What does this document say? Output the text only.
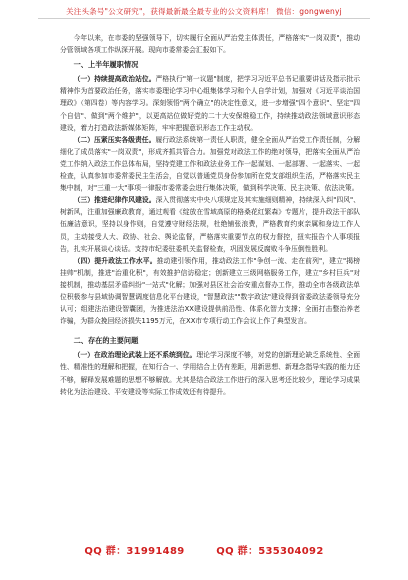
关注头条号"公文研究"，获得最新最全最专业的公文资料库！ 微信：gongwenyj

今年以来，在市委的坚强领导下，切实履行全面从严治党主体责任，严格落实"一岗双责"，推动分管领域各项工作纵深开展。现向市委常委会汇报如下。

一、上半年履职情况

（一）持续提高政治站位。严格执行"第一议题"制度，把学习习近平总书记重要讲话及指示批示精神作为首要政治任务，落实市委理论学习中心组集体学习和个人自学计划，加强对《习近平谈治国理政》（第四卷）等内容学习。深刻领悟"两个确立"的决定性意义，进一步增强"四个意识"、坚定"四个自信"、做到"两个维护"，以更高站位做好党的二十大安保维稳工作，持续推动政法领域意识形态建设，着力打造政法新媒体矩阵，牢牢把握意识形态工作主动权。

（二）压紧压实各级责任。履行政法系统第一责任人职责，健全全面从严治党工作责任制，分解细化了成员落实"一岗双责"，形成齐抓共管合力。加强党对政法工作的绝对领导，把落实全面从严治党工作纳入政法工作总体布局，坚持党建工作和政法业务工作一起谋划、一起部署、一起落实、一起检查，认真参加市委常委民主生活会，自觉以普通党员身份参加所在党支部组织生活，严格落实民主集中制，对"三重一大"事项一律报市委常委会进行集体决策，做到科学决策、民主决策、依法决策。

（三）推进纪律作风建设。深入贯彻落实中央八项规定及其实施细则精神，持续深入纠"四风"、树新风，注重加强廉政教育，通过观看《绽放在雪域高原的格桑花红繁森》专题片，提升政法干部队伍廉洁意识，坚持以身作则，自觉遵守财经法规，杜绝铺张浪费，严格教育约束亲属和身边工作人员，主动接受人大、政协、社会、舆论监督，严格落实重要节点的权力督控，扭实报告个人事项报告，扎实开展谈心谈话。支持市纪委驻委机关监督检查，巩固发展反腐败斗争压倒性胜利。

（四）提升政法工作水平。推动建引领作用，推动政法工作"争创一流、走在前列"，建立"揭榜挂帅"机制，推进"治重化积"，有效推护信访稳定；创新建立三级网格服务工作，建立"乡村巨兵"对接机制，推动基层矛盾纠纷"一站式"化解；加强对县区社会治安重点督办工作，推动全市各级政法单位积极参与县域协调智慧调度信息化平台建设，"智慧政法""数字政法"建设得到省委政法委领导充分认可；组建法治建设智囊团，为推进法治XX建设提供前沿性、体系化智力支撑；全面打击整治养老诈骗，为群众挽回经济损失1195万元，在XX市专项行动工作会议上作了典型发言。

二、存在的主要问题

（一）在政治理论武装上还不系统到位。理论学习深度不够，对党的创新理论缺乏系统性、全面性、精准性的理解和把握，在知行合一、学用结合上仍有差距，用新思想、新理念指导实践的能力还不够，解释发展难题的思想不够解放。尤其是结合政法工作进行的深入思考还比较少，理论学习成果转化为法治建设、平安建设等实际工作成效还有待提升。

QQ 群：31991489	QQ 群：535304092
